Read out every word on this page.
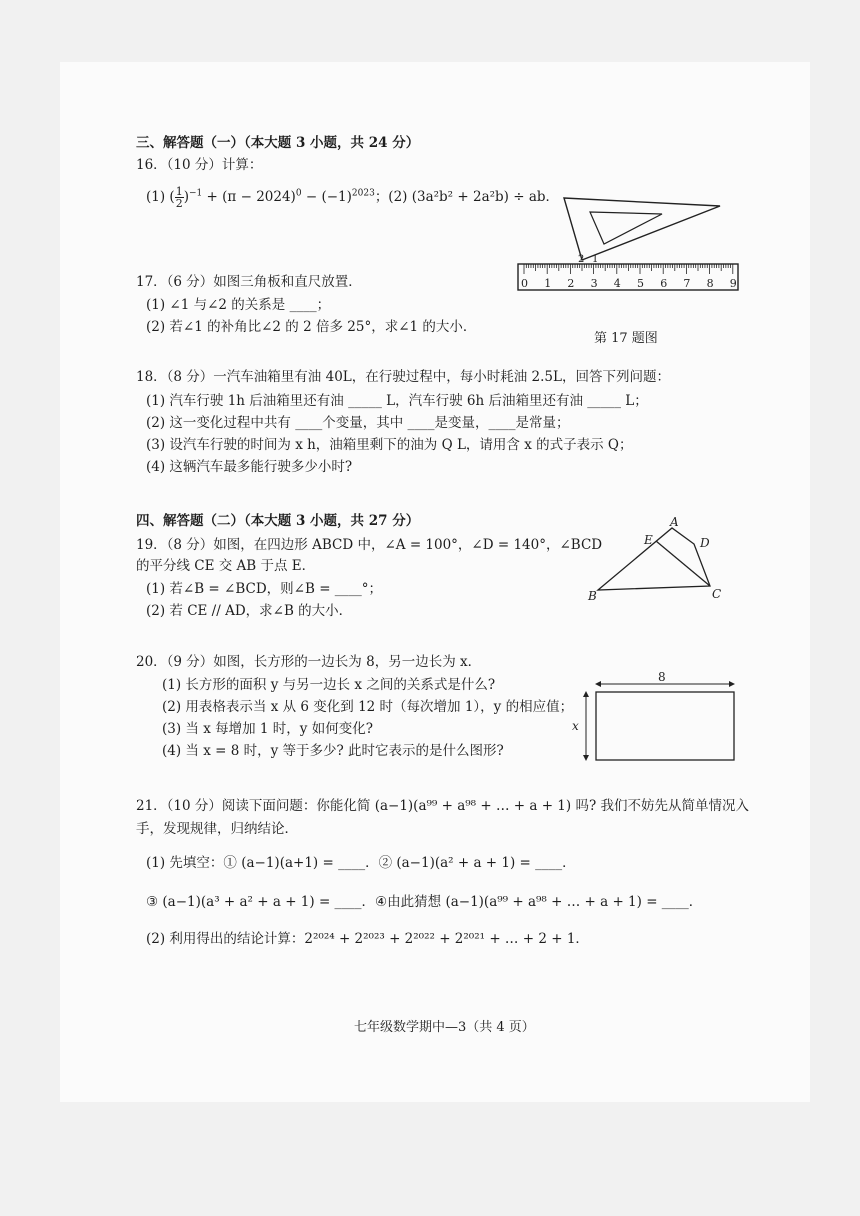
三、解答题（一）（本大题 3 小题，共 24 分）
16．（10 分）计算：
(1) ( $\frac{1}{2} )^{-1} + (\pi - 2024)^0 - (-1)^{2023}$；(2) (3a²b² + 2a²b) ÷ ab．
0 1 2 3 4 5 6 7 8 9
2 1
17．（6 分）如图三角板和直尺放置．
(1) ∠1 与∠2 的关系是 ____；
(2) 若∠1 的补角比∠2 的 2 倍多 25°，求∠1 的大小．
第 17 题图
18．（8 分）一汽车油箱里有油 40L，在行驶过程中，每小时耗油 2.5L，回答下列问题：
(1) 汽车行驶 1h 后油箱里还有油 _____ L，汽车行驶 6h 后油箱里还有油 _____ L；
(2) 这一变化过程中共有 ____个变量，其中 ____是变量，____是常量；
(3) 设汽车行驶的时间为 x h，油箱里剩下的油为 Q L，请用含 x 的式子表示 Q；
(4) 这辆汽车最多能行驶多少小时?
四、解答题（二）（本大题 3 小题，共 27 分）
19．（8 分）如图，在四边形 ABCD 中，∠A = 100°，∠D = 140°，∠BCD
的平分线 CE 交 AB 于点 E．
(1) 若∠B = ∠BCD，则∠B = ____°；
(2) 若 CE // AD，求∠B 的大小．
A
B	C
D
E
20．（9 分）如图，长方形的一边长为 8，另一边长为 x．
(1) 长方形的面积 y 与另一边长 x 之间的关系式是什么?
(2) 用表格表示当 x 从 6 变化到 12 时（每次增加 1），y 的相应值；
(3) 当 x 每增加 1 时，y 如何变化?
(4) 当 x = 8 时，y 等于多少? 此时它表示的是什么图形?
8
x
21．（10 分）阅读下面问题：你能化简 (a−1)(a⁹⁹ + a⁹⁸ + … + a + 1) 吗? 我们不妨先从简单情况入
手，发现规律，归纳结论．
(1) 先填空：① (a−1)(a+1) = ____．② (a−1)(a² + a + 1) = ____．
③ (a−1)(a³ + a² + a + 1) = ____．④由此猜想 (a−1)(a⁹⁹ + a⁹⁸ + … + a + 1) = ____．
(2) 利用得出的结论计算：2²⁰²⁴ + 2²⁰²³ + 2²⁰²² + 2²⁰²¹ + … + 2 + 1．
七年级数学期中—3（共 4 页）
